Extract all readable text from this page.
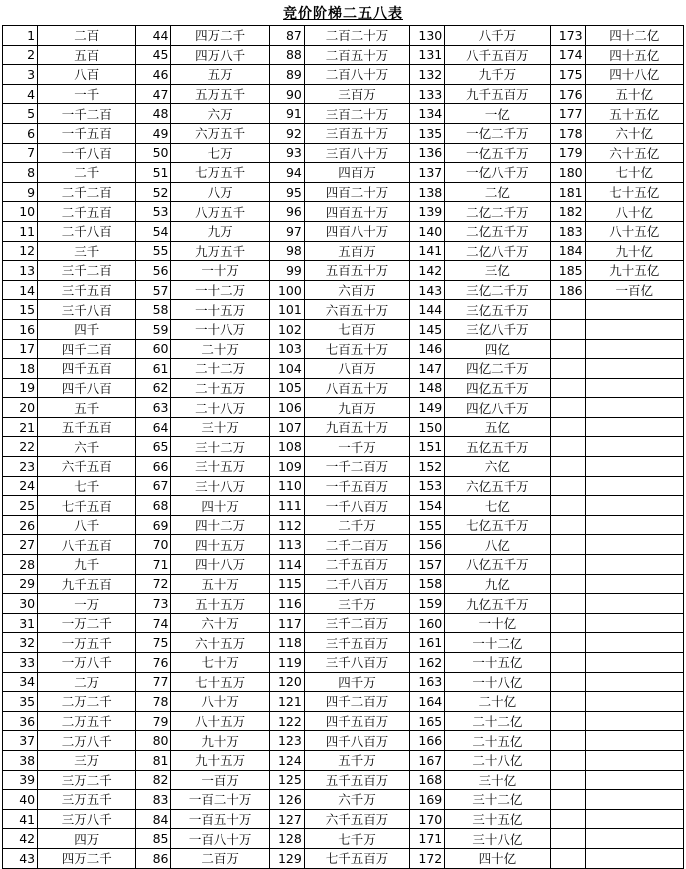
竞价阶梯二五八表
1	二百	44	四万二千	87	二百二十万	130	八千万	173	四十二亿
2	五百	45	四万八千	88	二百五十万	131	八千五百万	174	四十五亿
3	八百	46	五万	89	二百八十万	132	九千万	175	四十八亿
4	一千	47	五万五千	90	三百万	133	九千五百万	176	五十亿
5	一千二百	48	六万	91	三百二十万	134	一亿	177	五十五亿
6	一千五百	49	六万五千	92	三百五十万	135	一亿二千万	178	六十亿
7	一千八百	50	七万	93	三百八十万	136	一亿五千万	179	六十五亿
8	二千	51	七万五千	94	四百万	137	一亿八千万	180	七十亿
9	二千二百	52	八万	95	四百二十万	138	二亿	181	七十五亿
10	二千五百	53	八万五千	96	四百五十万	139	二亿二千万	182	八十亿
11	二千八百	54	九万	97	四百八十万	140	二亿五千万	183	八十五亿
12	三千	55	九万五千	98	五百万	141	二亿八千万	184	九十亿
13	三千二百	56	一十万	99	五百五十万	142	三亿	185	九十五亿
14	三千五百	57	一十二万	100	六百万	143	三亿二千万	186	一百亿
15	三千八百	58	一十五万	101	六百五十万	144	三亿五千万		
16	四千	59	一十八万	102	七百万	145	三亿八千万		
17	四千二百	60	二十万	103	七百五十万	146	四亿		
18	四千五百	61	二十二万	104	八百万	147	四亿二千万		
19	四千八百	62	二十五万	105	八百五十万	148	四亿五千万		
20	五千	63	二十八万	106	九百万	149	四亿八千万		
21	五千五百	64	三十万	107	九百五十万	150	五亿		
22	六千	65	三十二万	108	一千万	151	五亿五千万		
23	六千五百	66	三十五万	109	一千二百万	152	六亿		
24	七千	67	三十八万	110	一千五百万	153	六亿五千万		
25	七千五百	68	四十万	111	一千八百万	154	七亿		
26	八千	69	四十二万	112	二千万	155	七亿五千万		
27	八千五百	70	四十五万	113	二千二百万	156	八亿		
28	九千	71	四十八万	114	二千五百万	157	八亿五千万		
29	九千五百	72	五十万	115	二千八百万	158	九亿		
30	一万	73	五十五万	116	三千万	159	九亿五千万		
31	一万二千	74	六十万	117	三千二百万	160	一十亿		
32	一万五千	75	六十五万	118	三千五百万	161	一十二亿		
33	一万八千	76	七十万	119	三千八百万	162	一十五亿		
34	二万	77	七十五万	120	四千万	163	一十八亿		
35	二万二千	78	八十万	121	四千二百万	164	二十亿		
36	二万五千	79	八十五万	122	四千五百万	165	二十二亿		
37	二万八千	80	九十万	123	四千八百万	166	二十五亿		
38	三万	81	九十五万	124	五千万	167	二十八亿		
39	三万二千	82	一百万	125	五千五百万	168	三十亿		
40	三万五千	83	一百二十万	126	六千万	169	三十二亿		
41	三万八千	84	一百五十万	127	六千五百万	170	三十五亿		
42	四万	85	一百八十万	128	七千万	171	三十八亿		
43	四万二千	86	二百万	129	七千五百万	172	四十亿		
